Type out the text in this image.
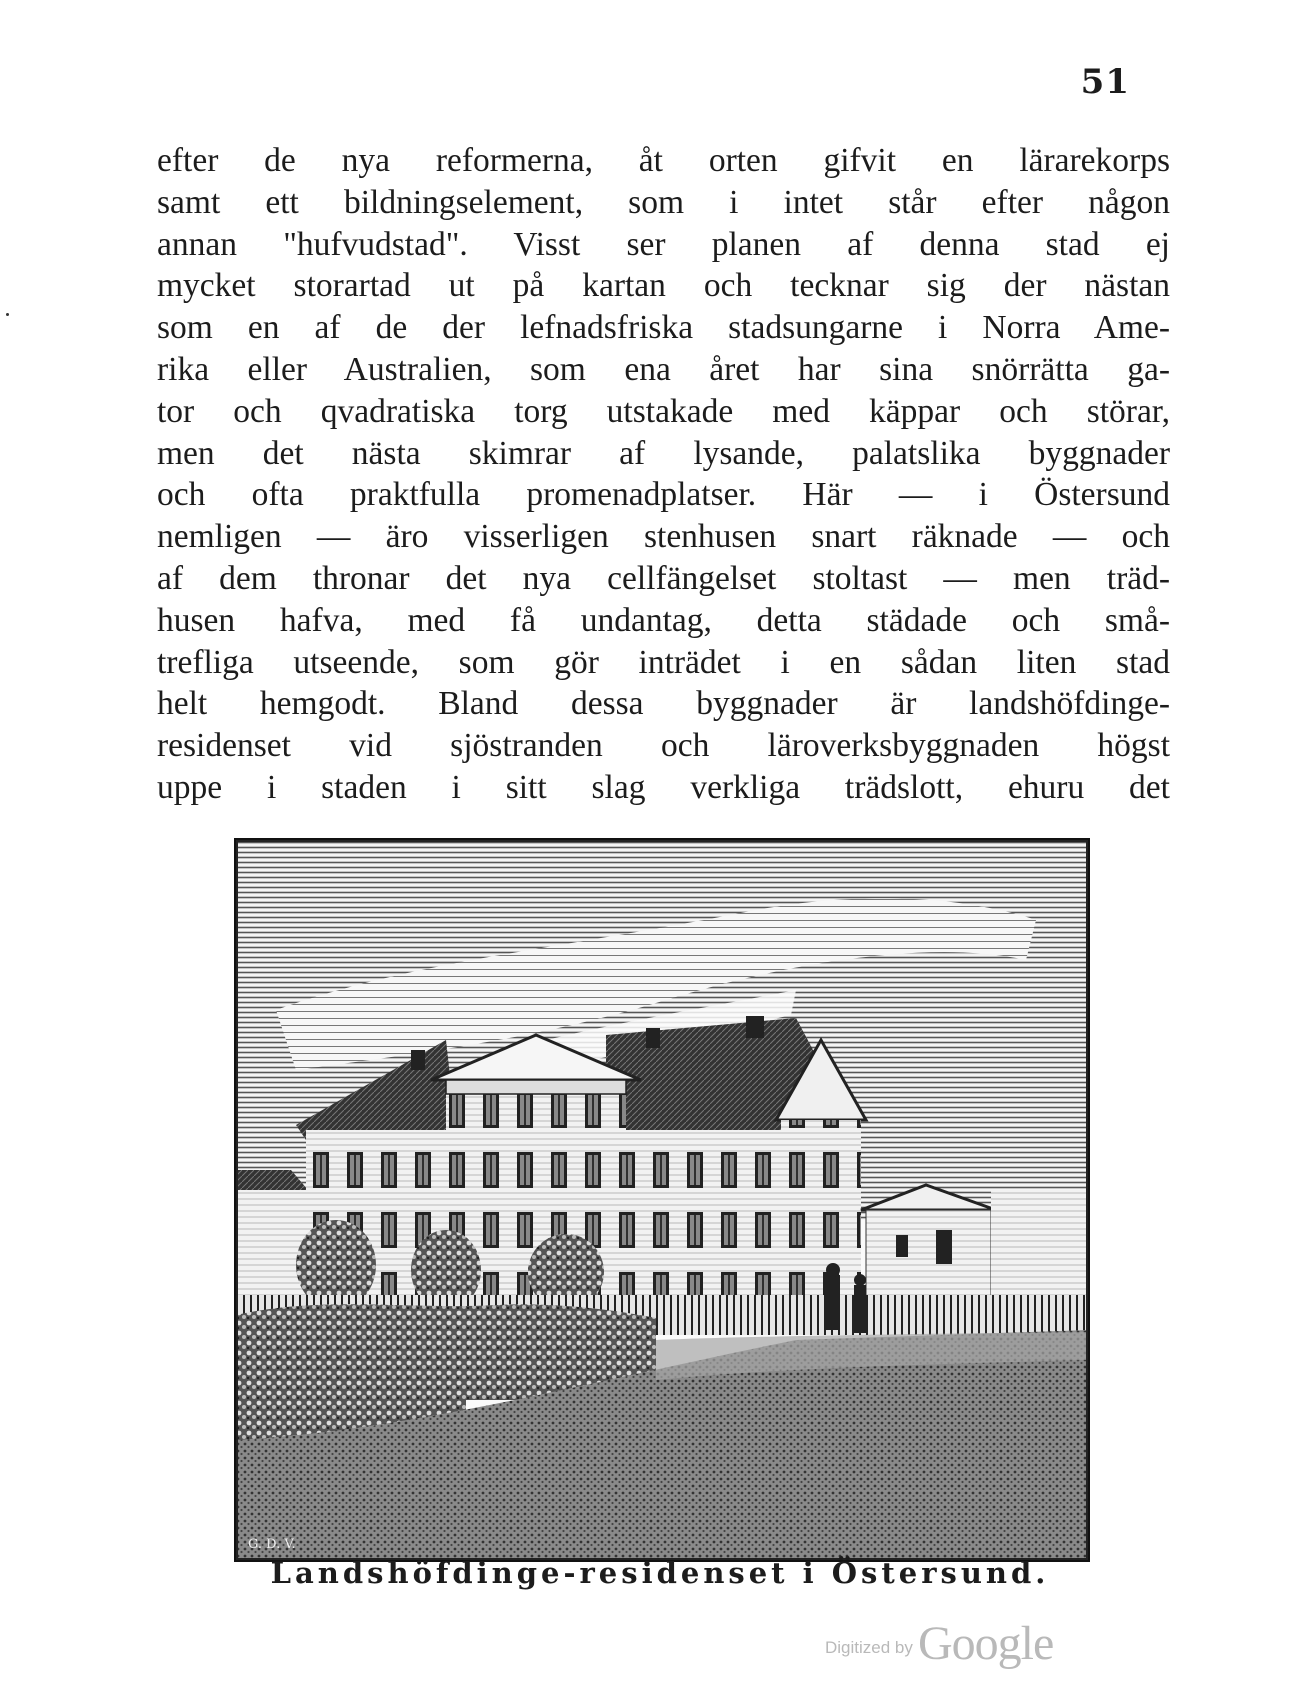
51
efter de nya reformerna, åt orten gifvit en lärarekorps
samt ett bildningselement, som i intet står efter någon
annan "hufvudstad". Visst ser planen af denna stad ej
mycket storartad ut på kartan och tecknar sig der nästan
som en af de der lefnadsfriska stadsungarne i Norra Ame-
rika eller Australien, som ena året har sina snörrätta ga-
tor och qvadratiska torg utstakade med käppar och störar,
men det nästa skimrar af lysande, palatslika byggnader
och ofta praktfulla promenadplatser. Här — i Östersund
nemligen — äro visserligen stenhusen snart räknade — och
af dem thronar det nya cellfängelset stoltast — men träd-
husen hafva, med få undantag, detta städade och små-
trefliga utseende, som gör inträdet i en sådan liten stad
helt hemgodt. Bland dessa byggnader är landshöfdinge-
residenset vid sjöstranden och läroverksbyggnaden högst
uppe i staden i sitt slag verkliga trädslott, ehuru det
G. D. V.
Landshöfdinge-residenset i Östersund.
Digitized by Google
